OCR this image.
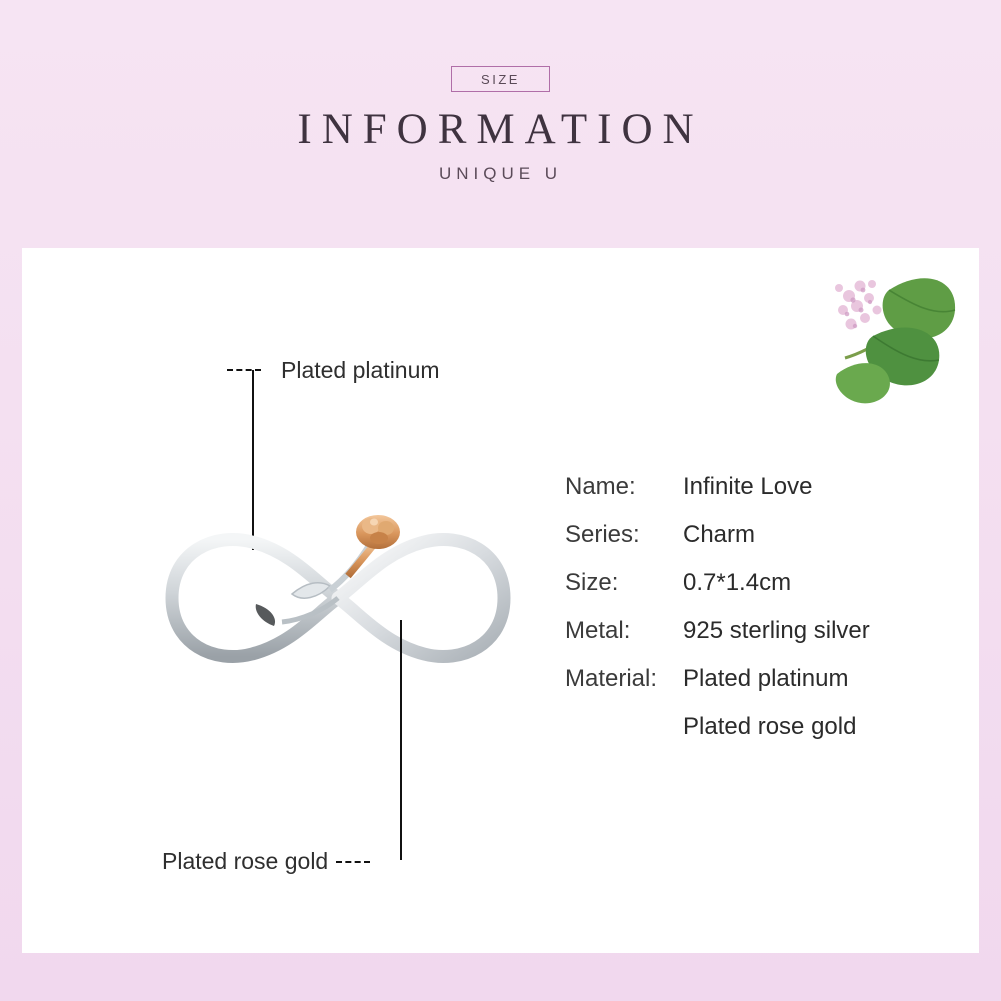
SIZE
INFORMATION
UNIQUE U
Plated platinum
Plated rose gold
Name:	Infinite Love
Series:	Charm
Size:	0.7*1.4cm
Metal:	925 sterling silver
Material:	Plated platinum
Plated rose gold
